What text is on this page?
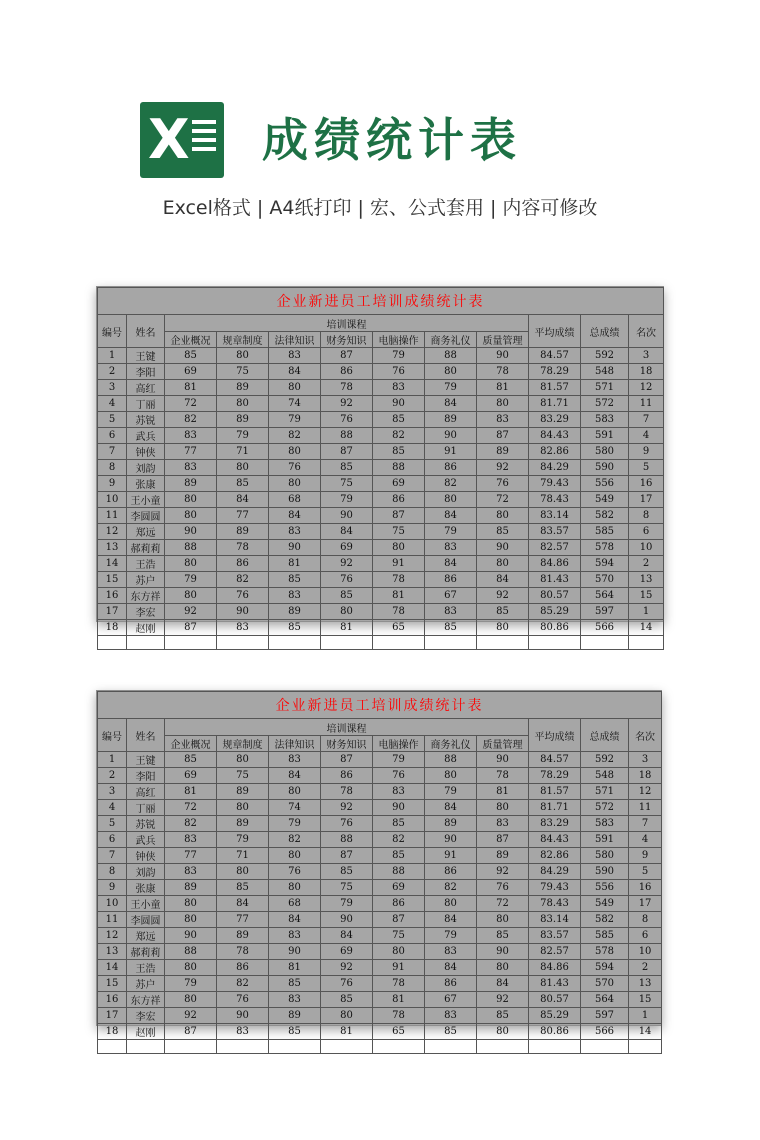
X 成绩统计表
Excel格式 | A4纸打印 | 宏、公式套用 | 内容可修改
企业新进员工培训成绩统计表											
编号	姓名	培训课程							平均成绩	总成绩	名次
		企业概况	规章制度	法律知识	财务知识	电脑操作	商务礼仪	质量管理			
1	王键	85	80	83	87	79	88	90	84.57	592	3
2	李阳	69	75	84	86	76	80	78	78.29	548	18
3	高红	81	89	80	78	83	79	81	81.57	571	12
4	丁丽	72	80	74	92	90	84	80	81.71	572	11
5	苏锐	82	89	79	76	85	89	83	83.29	583	7
6	武兵	83	79	82	88	82	90	87	84.43	591	4
7	钟侠	77	71	80	87	85	91	89	82.86	580	9
8	刘韵	83	80	76	85	88	86	92	84.29	590	5
9	张康	89	85	80	75	69	82	76	79.43	556	16
10	王小童	80	84	68	79	86	80	72	78.43	549	17
11	李圆圆	80	77	84	90	87	84	80	83.14	582	8
12	郑远	90	89	83	84	75	79	85	83.57	585	6
13	郝莉莉	88	78	90	69	80	83	90	82.57	578	10
14	王浩	80	86	81	92	91	84	80	84.86	594	2
15	苏户	79	82	85	76	78	86	84	81.43	570	13
16	东方祥	80	76	83	85	81	67	92	80.57	564	15
17	李宏	92	90	89	80	78	83	85	85.29	597	1
18	赵刚	87	83	85	81	65	85	80	80.86	566	14

企业新进员工培训成绩统计表											
编号	姓名	培训课程							平均成绩	总成绩	名次
		企业概况	规章制度	法律知识	财务知识	电脑操作	商务礼仪	质量管理			
1	王键	85	80	83	87	79	88	90	84.57	592	3
2	李阳	69	75	84	86	76	80	78	78.29	548	18
3	高红	81	89	80	78	83	79	81	81.57	571	12
4	丁丽	72	80	74	92	90	84	80	81.71	572	11
5	苏锐	82	89	79	76	85	89	83	83.29	583	7
6	武兵	83	79	82	88	82	90	87	84.43	591	4
7	钟侠	77	71	80	87	85	91	89	82.86	580	9
8	刘韵	83	80	76	85	88	86	92	84.29	590	5
9	张康	89	85	80	75	69	82	76	79.43	556	16
10	王小童	80	84	68	79	86	80	72	78.43	549	17
11	李圆圆	80	77	84	90	87	84	80	83.14	582	8
12	郑远	90	89	83	84	75	79	85	83.57	585	6
13	郝莉莉	88	78	90	69	80	83	90	82.57	578	10
14	王浩	80	86	81	92	91	84	80	84.86	594	2
15	苏户	79	82	85	76	78	86	84	81.43	570	13
16	东方祥	80	76	83	85	81	67	92	80.57	564	15
17	李宏	92	90	89	80	78	83	85	85.29	597	1
18	赵刚	87	83	85	81	65	85	80	80.86	566	14
